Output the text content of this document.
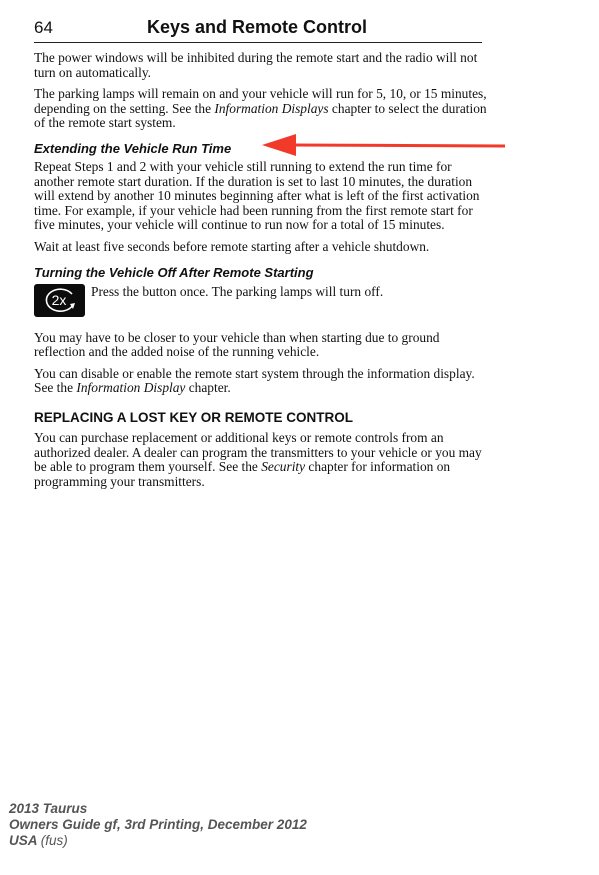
64	Keys and Remote Control

The power windows will be inhibited during the remote start and the radio will not turn on automatically.

The parking lamps will remain on and your vehicle will run for 5, 10, or 15 minutes, depending on the setting. See the Information Displays chapter to select the duration of the remote start system.

Extending the Vehicle Run Time

Repeat Steps 1 and 2 with your vehicle still running to extend the run time for another remote start duration. If the duration is set to last 10 minutes, the duration will extend by another 10 minutes beginning after what is left of the first activation time. For example, if your vehicle had been running from the first remote start for five minutes, your vehicle will continue to run now for a total of 15 minutes.

Wait at least five seconds before remote starting after a vehicle shutdown.

Turning the Vehicle Off After Remote Starting
2x
Press the button once. The parking lamps will turn off.

You may have to be closer to your vehicle than when starting due to ground reflection and the added noise of the running vehicle.

You can disable or enable the remote start system through the information display. See the Information Display chapter.

REPLACING A LOST KEY OR REMOTE CONTROL

You can purchase replacement or additional keys or remote controls from an authorized dealer. A dealer can program the transmitters to your vehicle or you may be able to program them yourself. See the Security chapter for information on programming your transmitters.

2013 Taurus
Owners Guide gf, 3rd Printing, December 2012
USA (fus)
